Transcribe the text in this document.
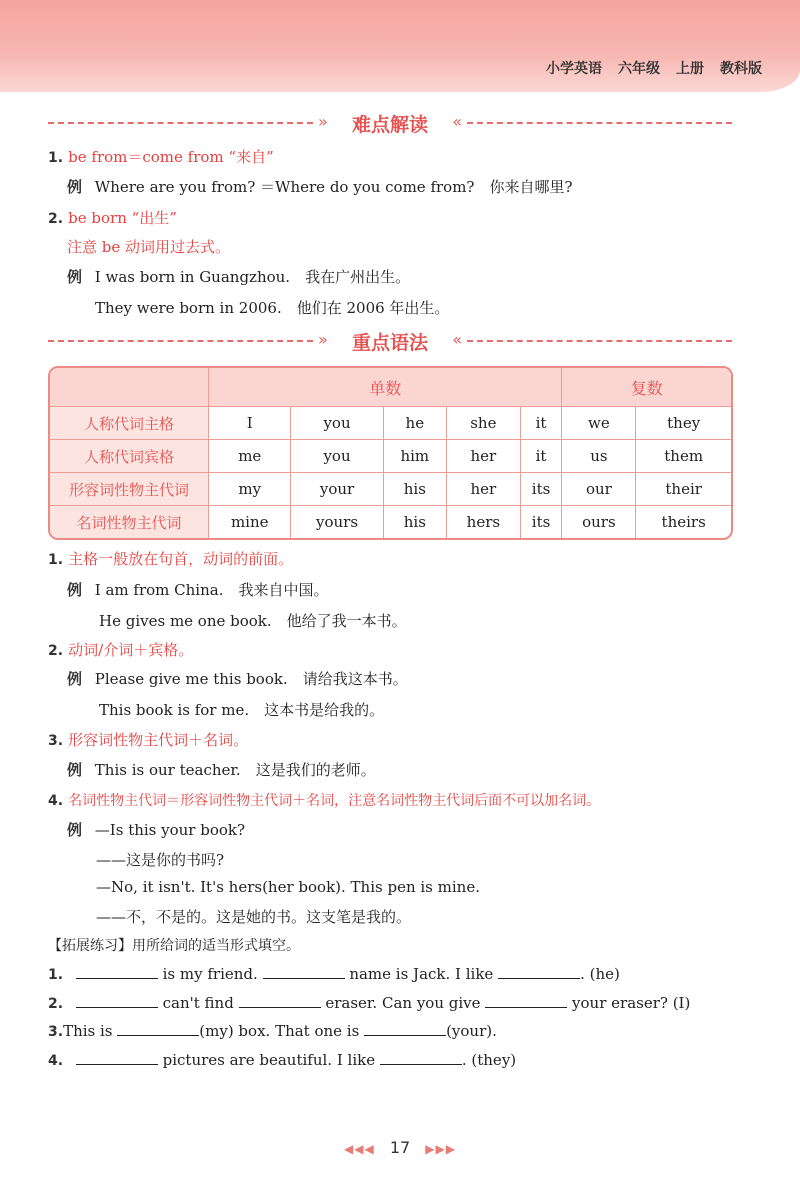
小学英语 六年级 上册 教科版
»	难点解读	«
1. be from＝come from “来自”
例 Where are you from? ＝Where do you come from?　你来自哪里?
2. be born “出生”
注意 be 动词用过去式。
例 I was born in Guangzhou.　我在广州出生。
They were born in 2006.　他们在 2006 年出生。
»	重点语法	«
	单数					复数	
人称代词主格	I	you	he	she	it	we	they
人称代词宾格	me	you	him	her	it	us	them
形容词性物主代词	my	your	his	her	its	our	their
名词性物主代词	mine	yours	his	hers	its	ours	theirs
1. 主格一般放在句首，动词的前面。
例 I am from China.　我来自中国。
He gives me one book.　他给了我一本书。
2. 动词/介词＋宾格。
例 Please give me this book.　请给我这本书。
This book is for me.　这本书是给我的。
3. 形容词性物主代词＋名词。
例 This is our teacher.　这是我们的老师。
4. 名词性物主代词＝形容词性物主代词＋名词，注意名词性物主代词后面不可以加名词。
例 —Is this your book?
——这是你的书吗?
—No, it isn't. It's hers(her book). This pen is mine.
——不，不是的。这是她的书。这支笔是我的。
【拓展练习】用所给词的适当形式填空。
1.	is my friend.	name is Jack. I like	. (he)
2.	can't find	eraser. Can you give	your eraser? (I)
3.This is	(my) box. That one is	(your).
4.	pictures are beautiful. I like	. (they)
◀◀◀ 17 ▶▶▶
